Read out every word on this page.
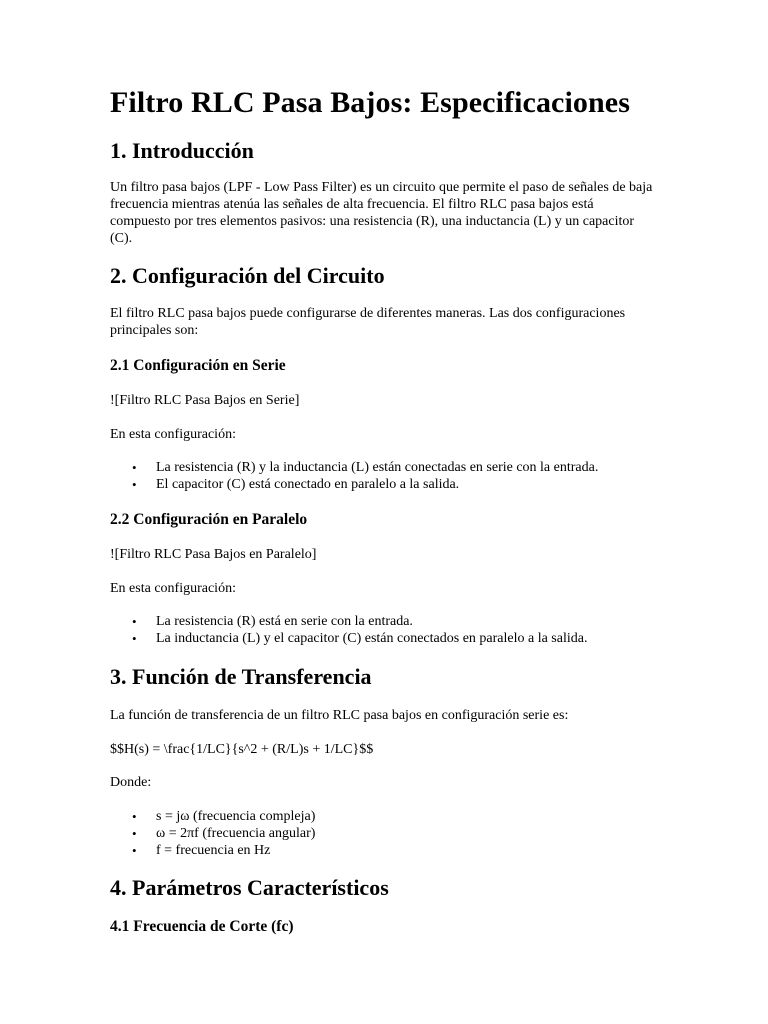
Filtro RLC Pasa Bajos: Especificaciones
1. Introducción

Un filtro pasa bajos (LPF - Low Pass Filter) es un circuito que permite el paso de señales de baja frecuencia mientras atenúa las señales de alta frecuencia. El filtro RLC pasa bajos está compuesto por tres elementos pasivos: una resistencia (R), una inductancia (L) y un capacitor (C).

2. Configuración del Circuito

El filtro RLC pasa bajos puede configurarse de diferentes maneras. Las dos configuraciones principales son:

2.1 Configuración en Serie

![Filtro RLC Pasa Bajos en Serie]

En esta configuración:

• La resistencia (R) y la inductancia (L) están conectadas en serie con la entrada.
• El capacitor (C) está conectado en paralelo a la salida.
2.2 Configuración en Paralelo

![Filtro RLC Pasa Bajos en Paralelo]

En esta configuración:

• La resistencia (R) está en serie con la entrada.
• La inductancia (L) y el capacitor (C) están conectados en paralelo a la salida.
3. Función de Transferencia

La función de transferencia de un filtro RLC pasa bajos en configuración serie es:

$$H(s) = \frac{1/LC}{s^2 + (R/L)s + 1/LC}$$

Donde:

• s = jω (frecuencia compleja)
• ω = 2πf (frecuencia angular)
• f = frecuencia en Hz
4. Parámetros Característicos
4.1 Frecuencia de Corte (fc)
